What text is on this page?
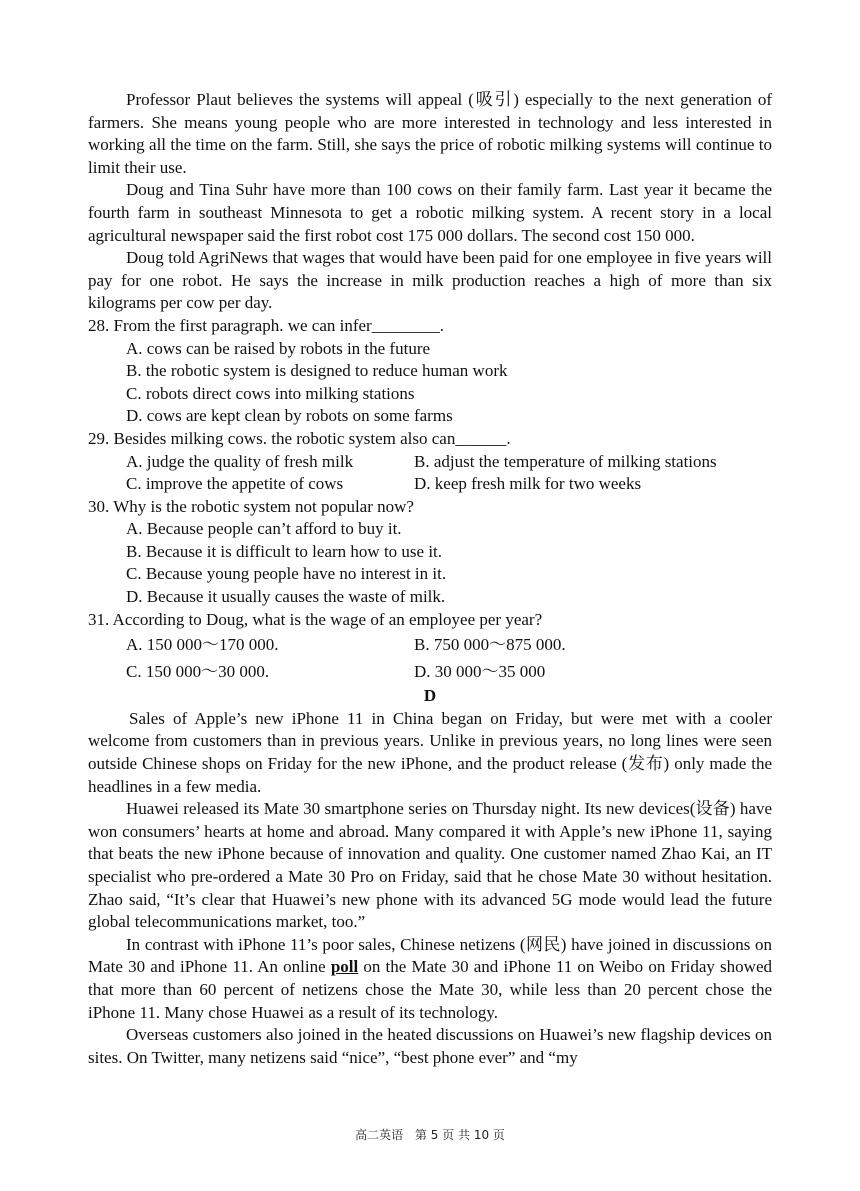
Professor Plaut believes the systems will appeal (吸引) especially to the next generation of farmers. She means young people who are more interested in technology and less interested in working all the time on the farm. Still, she says the price of robotic milking systems will continue to limit their use.

Doug and Tina Suhr have more than 100 cows on their family farm. Last year it became the fourth farm in southeast Minnesota to get a robotic milking system. A recent story in a local agricultural newspaper said the first robot cost 175 000 dollars. The second cost 150 000.

Doug told AgriNews that wages that would have been paid for one employee in five years will pay for one robot. He says the increase in milk production reaches a high of more than six kilograms per cow per day.

28. From the first paragraph. we can infer________.

A. cows can be raised by robots in the future

B. the robotic system is designed to reduce human work

C. robots direct cows into milking stations

D. cows are kept clean by robots on some farms

29. Besides milking cows. the robotic system also can______.

A. judge the quality of fresh milk	B. adjust the temperature of milking stations
C. improve the appetite of cows	D. keep fresh milk for two weeks

30. Why is the robotic system not popular now?

A. Because people can’t afford to buy it.

B. Because it is difficult to learn how to use it.

C. Because young people have no interest in it.

D. Because it usually causes the waste of milk.

31. According to Doug, what is the wage of an employee per year?

A. 150 000～170 000.	B. 750 000～875 000.
C. 150 000～30 000.	D. 30 000～35 000

D

Sales of Apple’s new iPhone 11 in China began on Friday, but were met with a cooler welcome from customers than in previous years. Unlike in previous years, no long lines were seen outside Chinese shops on Friday for the new iPhone, and the product release (发布) only made the headlines in a few media.

Huawei released its Mate 30 smartphone series on Thursday night. Its new devices(设备) have won consumers’ hearts at home and abroad. Many compared it with Apple’s new iPhone 11, saying that beats the new iPhone because of innovation and quality. One customer named Zhao Kai, an IT specialist who pre-ordered a Mate 30 Pro on Friday, said that he chose Mate 30 without hesitation. Zhao said, “It’s clear that Huawei’s new phone with its advanced 5G mode would lead the future global telecommunications market, too.”

In contrast with iPhone 11’s poor sales, Chinese netizens (网民) have joined in discussions on Mate 30 and iPhone 11. An online poll on the Mate 30 and iPhone 11 on Weibo on Friday showed that more than 60 percent of netizens chose the Mate 30, while less than 20 percent chose the iPhone 11. Many chose Huawei as a result of its technology.

Overseas customers also joined in the heated discussions on Huawei’s new flagship devices on sites. On Twitter, many netizens said “nice”, “best phone ever” and “my

高二英语 第 5 页 共 10 页
